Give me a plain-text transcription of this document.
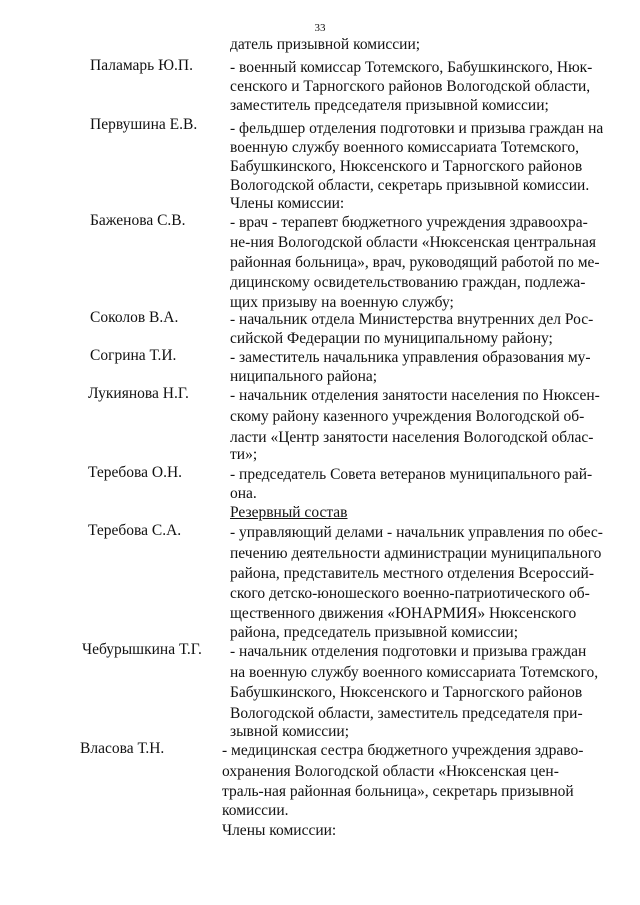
33
датель призывной комиссии;
- военный комиссар Тотемского, Бабушкинского, Нюк-
сенского и Тарногского районов Вологодской области,
заместитель председателя призывной комиссии;
- фельдшер отделения подготовки и призыва граждан на
военную службу военного комиссариата Тотемского,
Бабушкинского, Нюксенского и Тарногского районов
Вологодской области, секретарь призывной комиссии.
Члены комиссии:
- врач - терапевт бюджетного учреждения здравоохра-
не-ния Вологодской области «Нюксенская центральная
районная больница», врач, руководящий работой по ме-
дицинскому освидетельствованию граждан, подлежа-
щих призыву на военную службу;
- начальник отдела Министерства внутренних дел Рос-
сийской Федерации по муниципальному району;
- заместитель начальника управления образования му-
ниципального района;
- начальник отделения занятости населения по Нюксен-
скому району казенного учреждения Вологодской об-
ласти «Центр занятости населения Вологодской облас-
ти»;
- председатель Совета ветеранов муниципального рай-
она.
Резервный состав
- управляющий делами - начальник управления по обес-
печению деятельности администрации муниципального
района, представитель местного отделения Всероссий-
ского детско-юношеского военно-патриотического об-
щественного движения «ЮНАРМИЯ» Нюксенского
района, председатель призывной комиссии;
- начальник отделения подготовки и призыва граждан
на военную службу военного комиссариата Тотемского,
Бабушкинского, Нюксенского и Тарногского районов
Вологодской области, заместитель председателя при-
зывной комиссии;
- медицинская сестра бюджетного учреждения здраво-
охранения Вологодской области «Нюксенская цен-
траль-ная районная больница», секретарь призывной
комиссии.
Члены комиссии:
Паламарь Ю.П.
Первушина Е.В.
Баженова С.В.
Соколов В.А.
Согрина Т.И.
Лукиянова Н.Г.
Теребова О.Н.
Теребова С.А.
Чебурышкина Т.Г.
Власова Т.Н.
